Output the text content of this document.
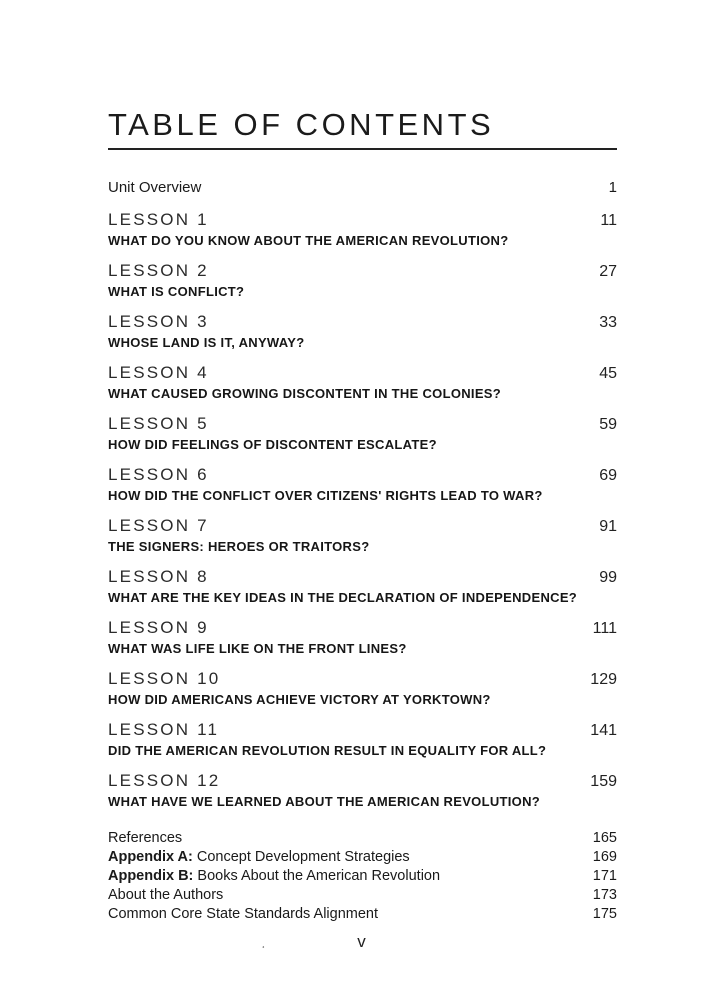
TABLE OF CONTENTS
Unit Overview	1
LESSON 1	11
WHAT DO YOU KNOW ABOUT THE AMERICAN REVOLUTION?
LESSON 2	27
WHAT IS CONFLICT?
LESSON 3	33
WHOSE LAND IS IT, ANYWAY?
LESSON 4	45
WHAT CAUSED GROWING DISCONTENT IN THE COLONIES?
LESSON 5	59
HOW DID FEELINGS OF DISCONTENT ESCALATE?
LESSON 6	69
HOW DID THE CONFLICT OVER CITIZENS' RIGHTS LEAD TO WAR?
LESSON 7	91
THE SIGNERS: HEROES OR TRAITORS?
LESSON 8	99
WHAT ARE THE KEY IDEAS IN THE DECLARATION OF INDEPENDENCE?
LESSON 9	111
WHAT WAS LIFE LIKE ON THE FRONT LINES?
LESSON 10	129
HOW DID AMERICANS ACHIEVE VICTORY AT YORKTOWN?
LESSON 11	141
DID THE AMERICAN REVOLUTION RESULT IN EQUALITY FOR ALL?
LESSON 12	159
WHAT HAVE WE LEARNED ABOUT THE AMERICAN REVOLUTION?
References	165
Appendix A: Concept Development Strategies	169
Appendix B: Books About the American Revolution	171
About the Authors	173
Common Core State Standards Alignment	175
¸	v
